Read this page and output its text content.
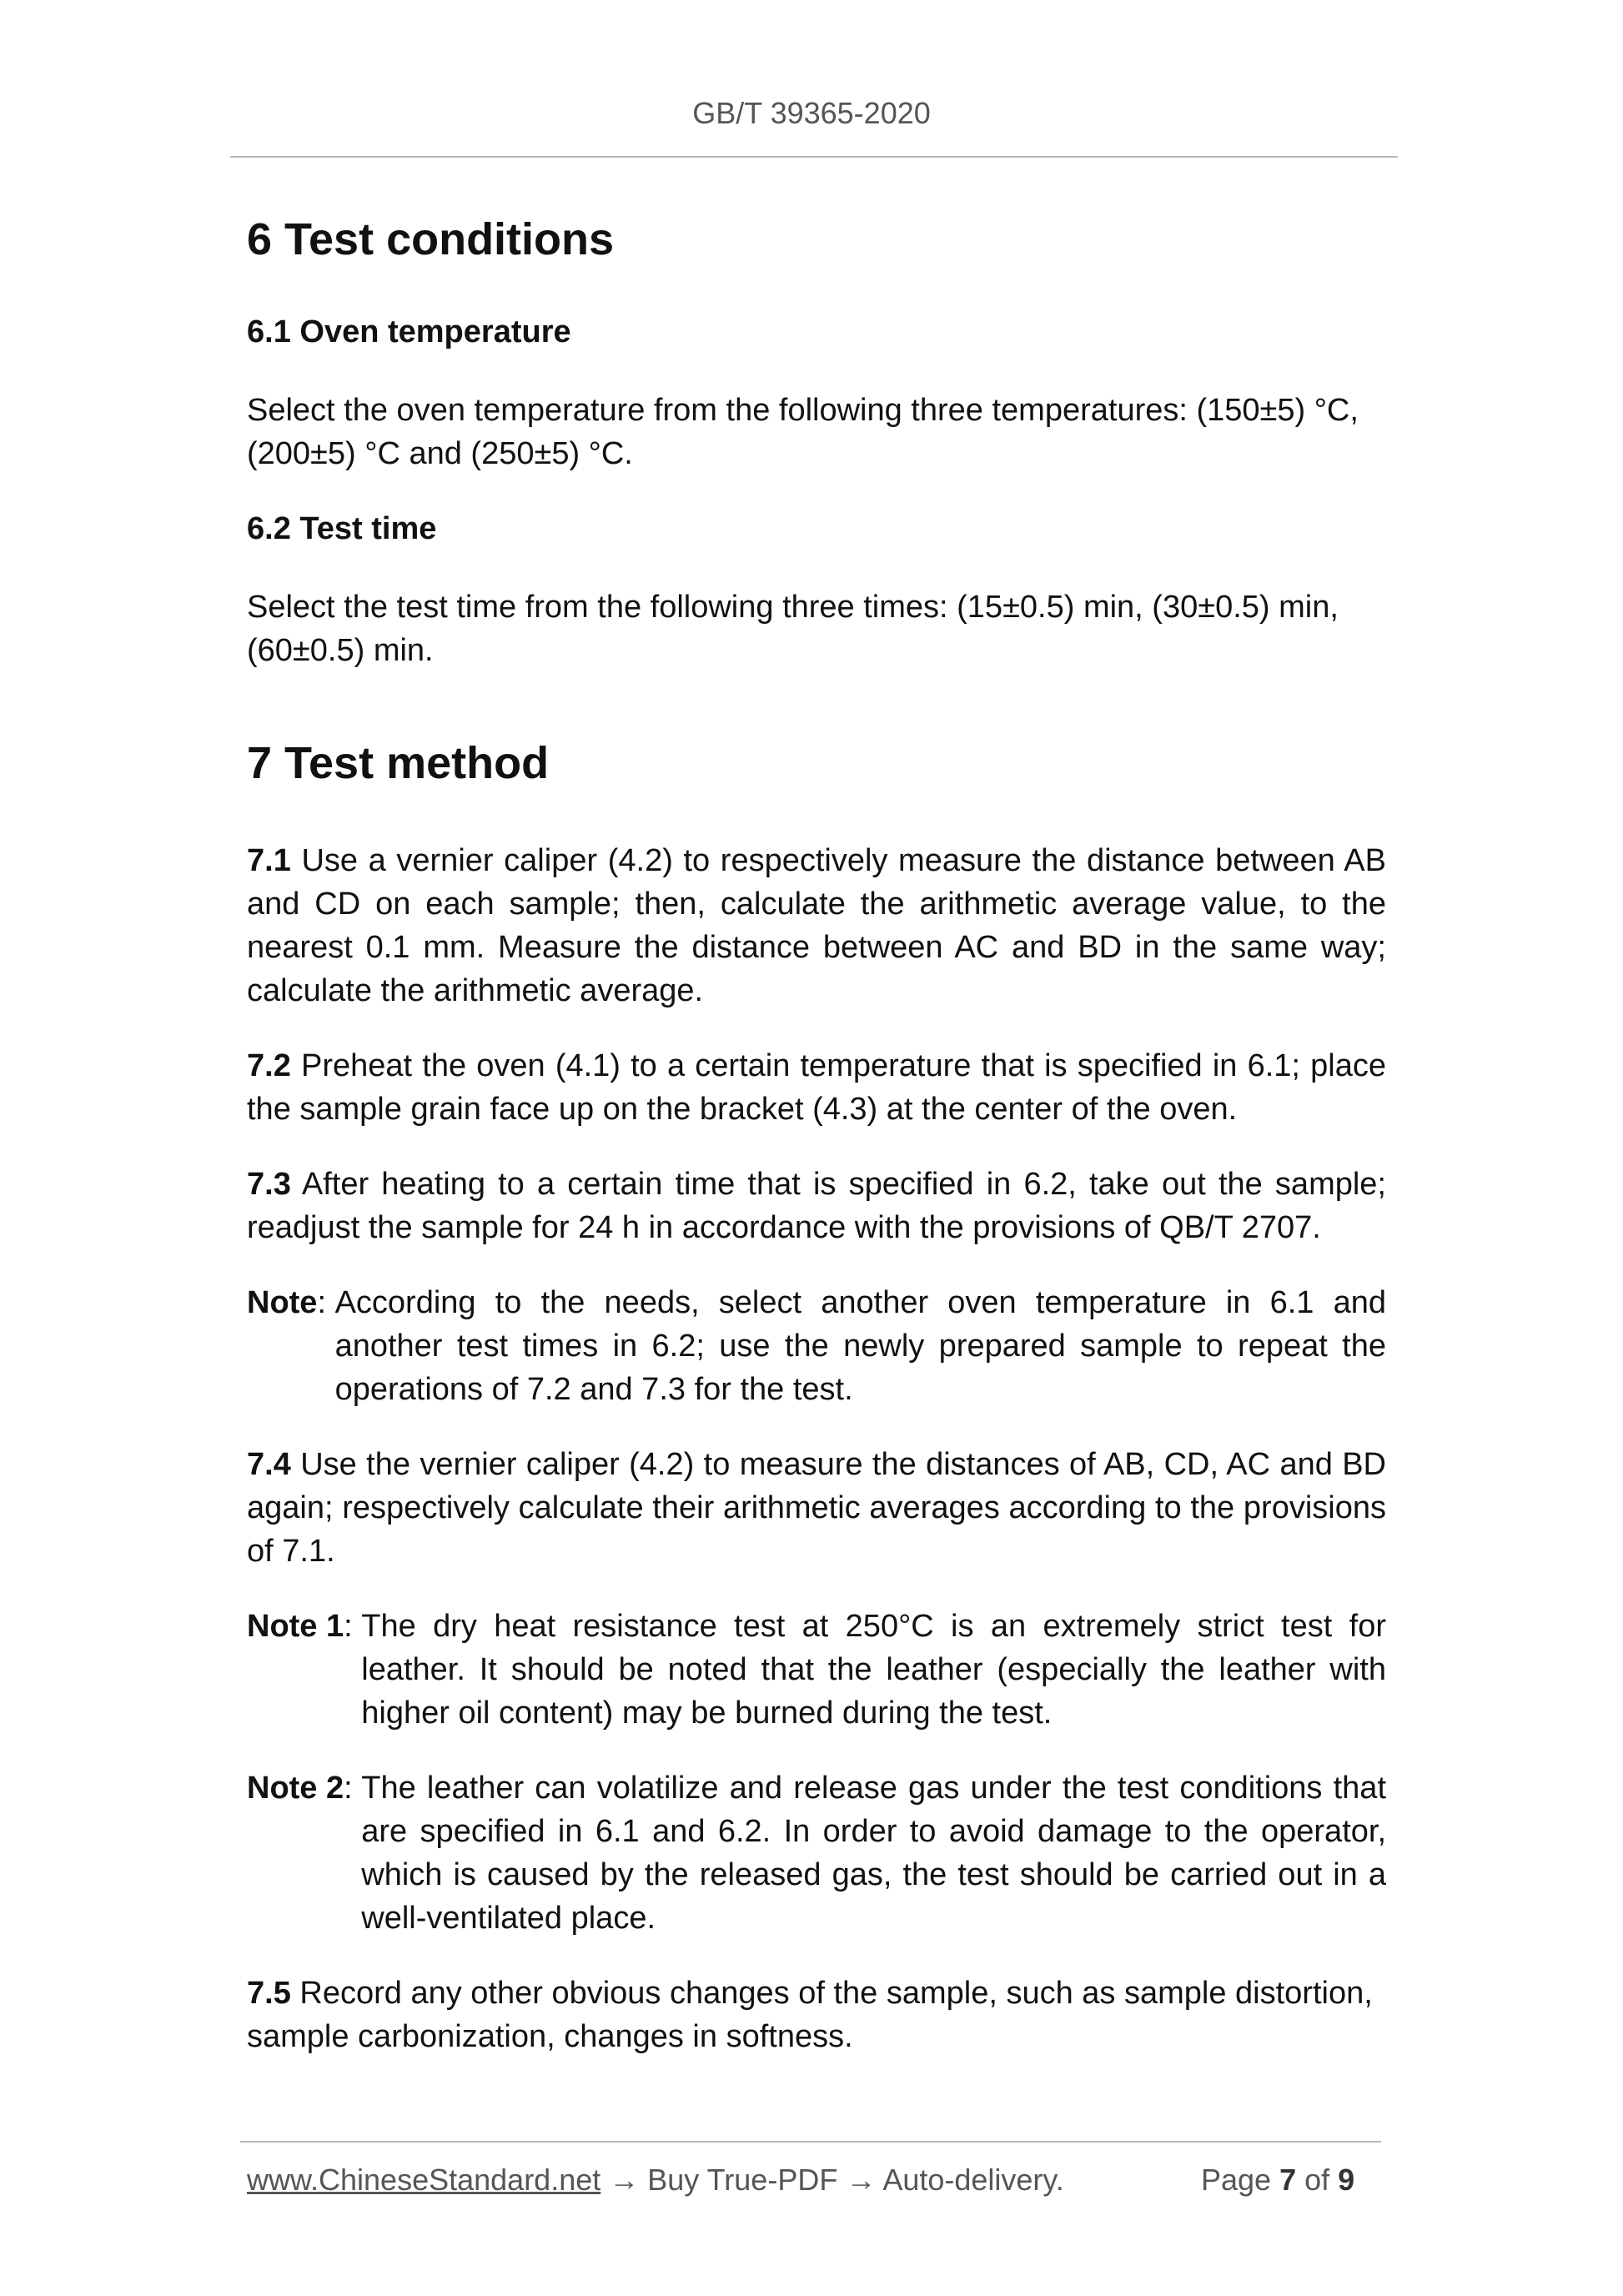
GB/T 39365-2020
6 Test conditions
6.1 Oven temperature

Select the oven temperature from the following three temperatures: (150±5) °C, (200±5) °C and (250±5) °C.

6.2 Test time

Select the test time from the following three times: (15±0.5) min, (30±0.5) min, (60±0.5) min.

7 Test method

7.1 Use a vernier caliper (4.2) to respectively measure the distance between AB and CD on each sample; then, calculate the arithmetic average value, to the nearest 0.1 mm. Measure the distance between AC and BD in the same way; calculate the arithmetic average.

7.2 Preheat the oven (4.1) to a certain temperature that is specified in 6.1; place the sample grain face up on the bracket (4.3) at the center of the oven.

7.3 After heating to a certain time that is specified in 6.2, take out the sample; readjust the sample for 24 h in accordance with the provisions of QB/T 2707.

Note: According to the needs, select another oven temperature in 6.1 and another test times in 6.2; use the newly prepared sample to repeat the operations of 7.2 and 7.3 for the test.

7.4 Use the vernier caliper (4.2) to measure the distances of AB, CD, AC and BD again; respectively calculate their arithmetic averages according to the provisions of 7.1.

Note 1: The dry heat resistance test at 250°C is an extremely strict test for leather. It should be noted that the leather (especially the leather with higher oil content) may be burned during the test.
Note 2: The leather can volatilize and release gas under the test conditions that are specified in 6.1 and 6.2. In order to avoid damage to the operator, which is caused by the released gas, the test should be carried out in a well-ventilated place.

7.5 Record any other obvious changes of the sample, such as sample distortion, sample carbonization, changes in softness.

www.ChineseStandard.net → Buy True-PDF → Auto-delivery.	Page 7 of 9
